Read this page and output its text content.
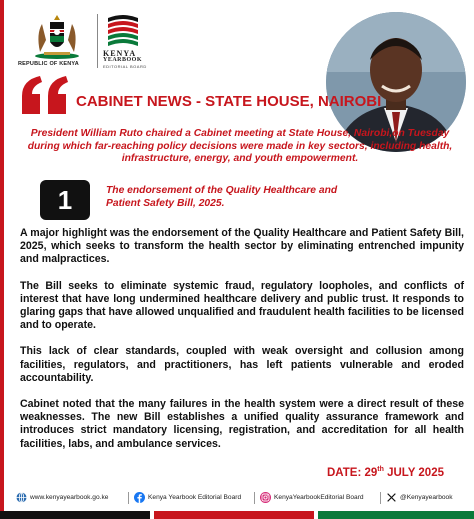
REPUBLIC OF KENYA
KENYA
YEARBOOK
EDITORIAL BOARD
CABINET NEWS - STATE HOUSE, NAIROBI
President William Ruto chaired a Cabinet meeting at State House, Nairobi,on Tuesday during which far-reaching policy decisions were made in key sectors, including health, infrastructure, energy, and youth empowerment.
1	The endorsement of the Quality Healthcare and Patient Safety Bill, 2025.

A major highlight was the endorsement of the Quality Healthcare and Patient Safety Bill, 2025, which seeks to transform the health sector by eliminating entrenched impunity and malpractices.

The Bill seeks to eliminate systemic fraud, regulatory loopholes, and conflicts of interest that have long undermined healthcare delivery and public trust. It responds to glaring gaps that have allowed unqualified and fraudulent health facilities to be licensed and to operate.

This lack of clear standards, coupled with weak oversight and collusion among facilities, regulators, and practitioners, has left patients vulnerable and eroded accountability.

Cabinet noted that the many failures in the health system were a direct result of these weaknesses. The new Bill establishes a unified quality assurance framework and introduces strict mandatory licensing, registration, and accreditation for all health facilities, labs, and ambulance services.

DATE: 29th JULY 2025
www.kenyayearbook.go.ke	Kenya Yearbook Editorial Board	KenyaYearbookEditorial Board	@Kenyayearbook
